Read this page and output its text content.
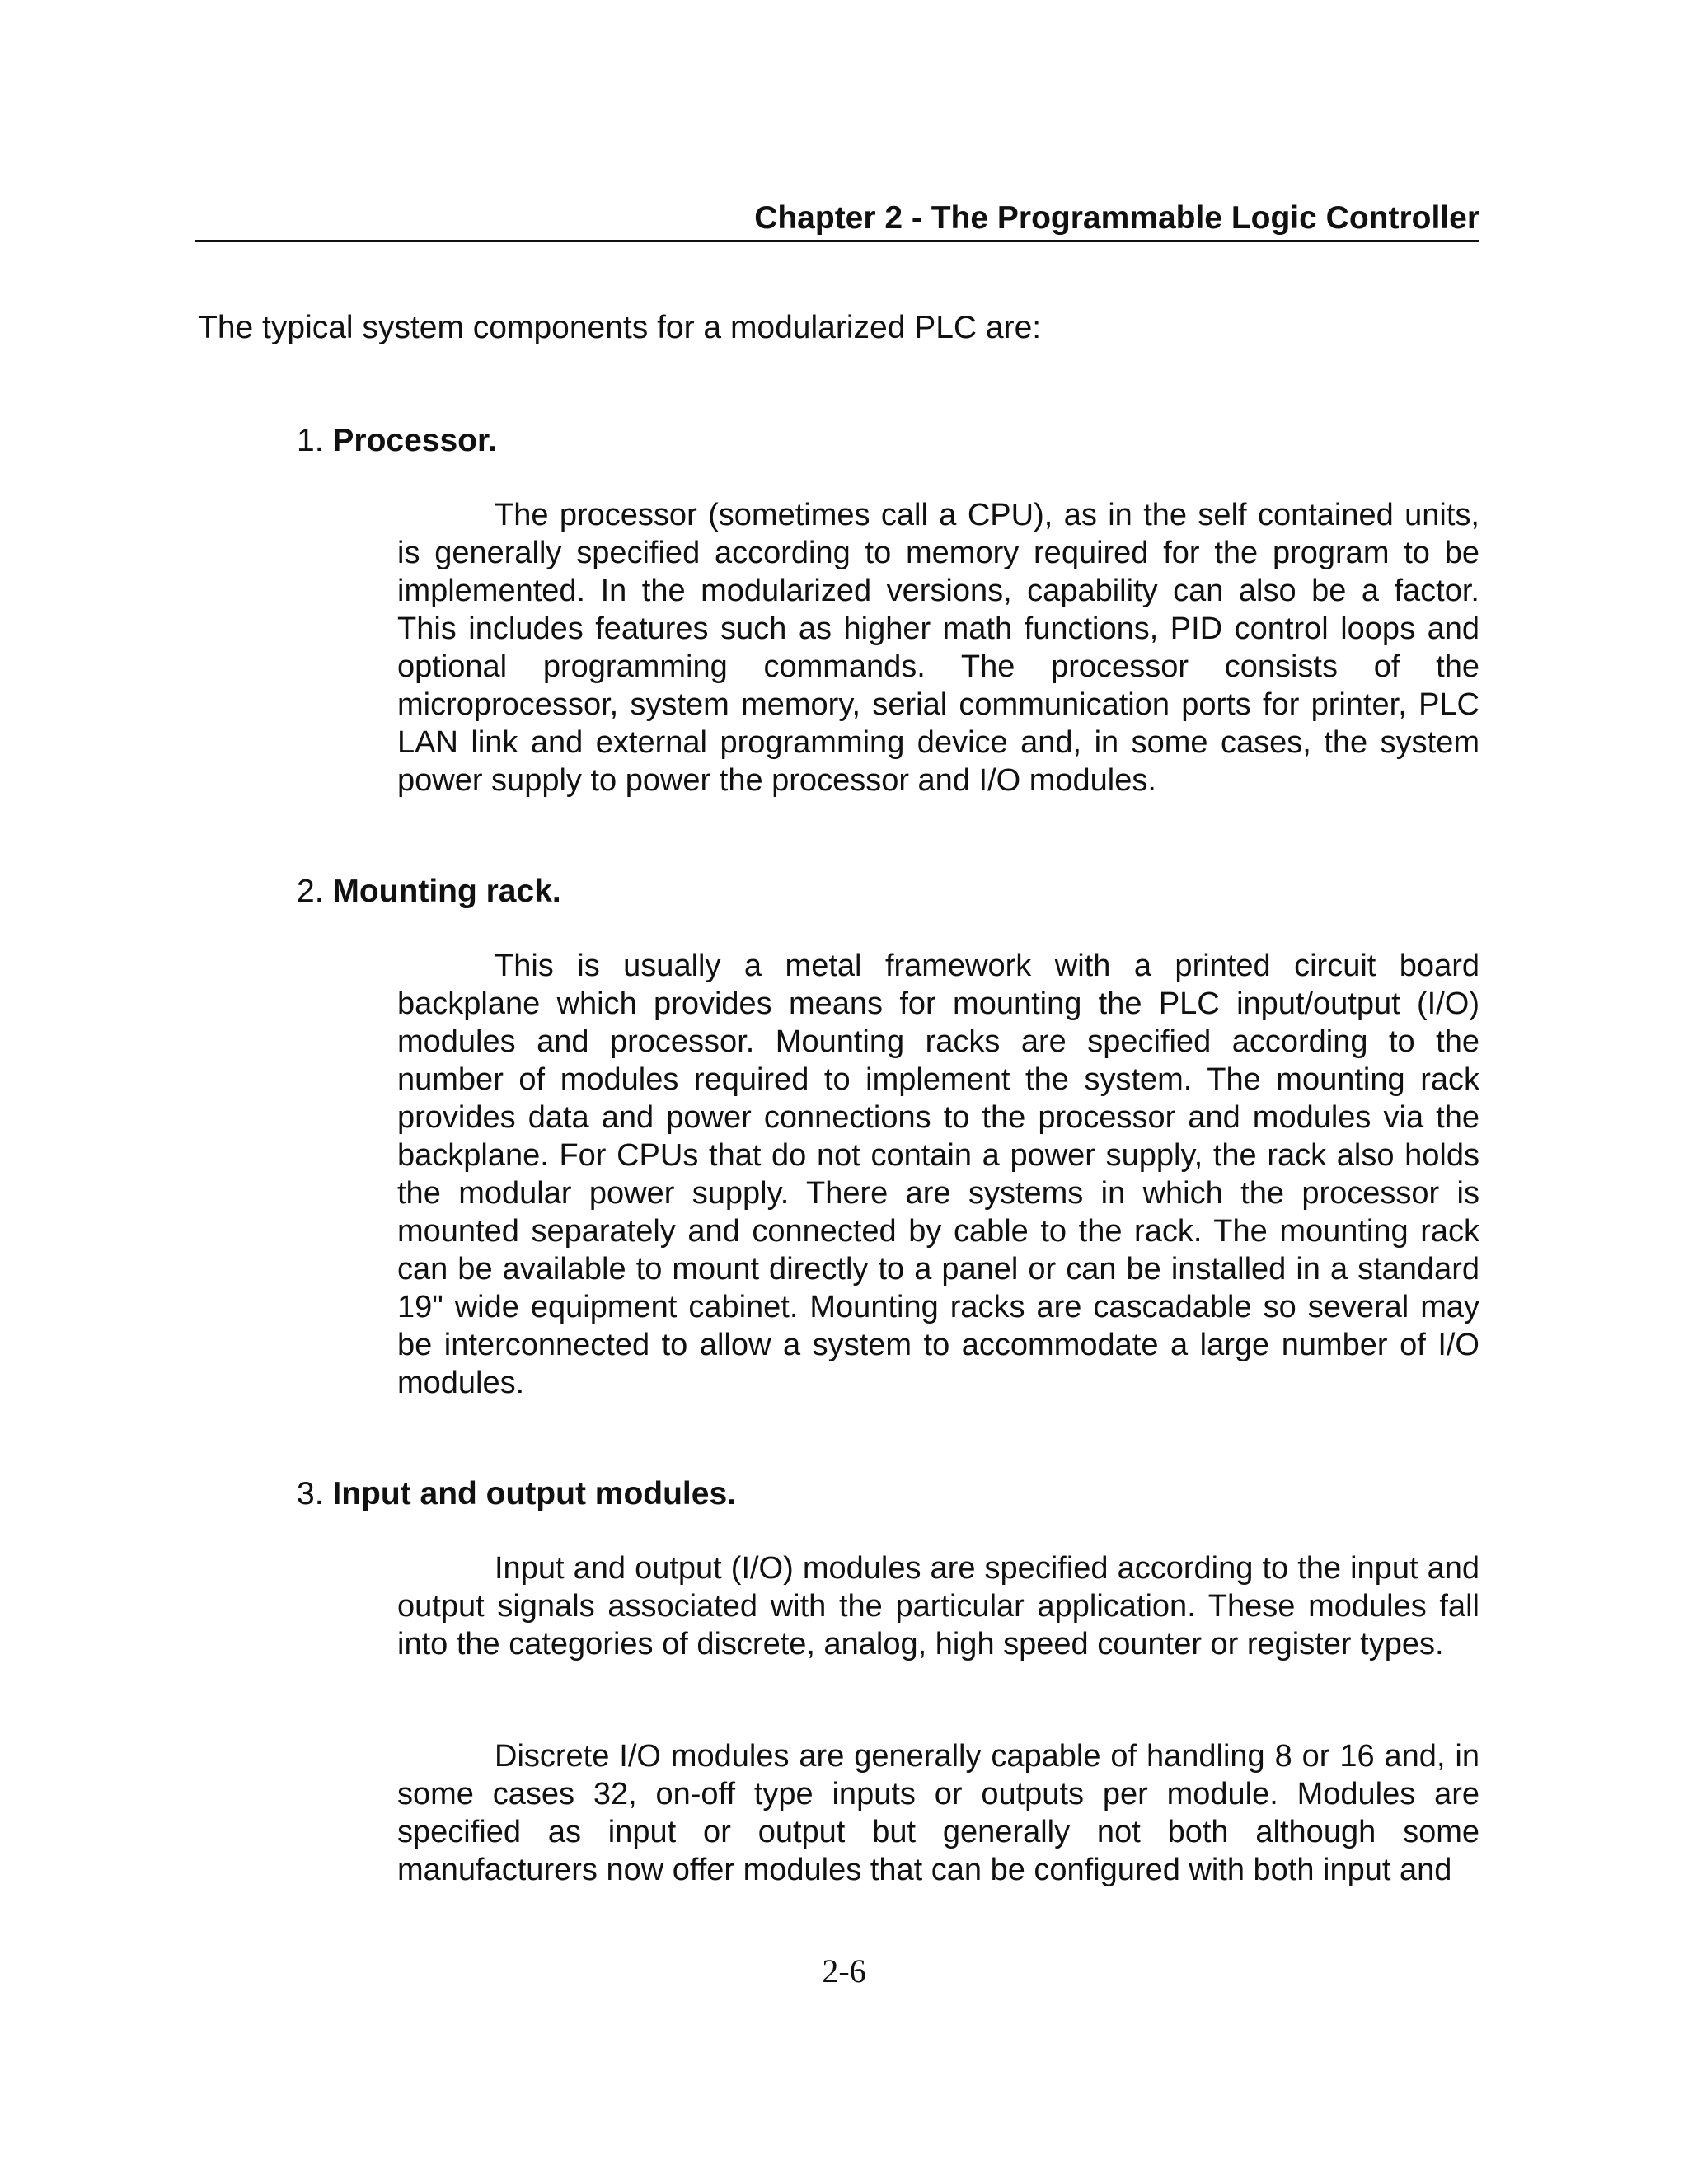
Chapter 2 - The Programmable Logic Controller
The typical system components for a modularized PLC are:
1. Processor.

The processor (sometimes call a CPU), as in the self contained units, is generally specified according to memory required for the program to be implemented. In the modularized versions, capability can also be a factor. This includes features such as higher math functions, PID control loops and optional programming commands. The processor consists of the microprocessor, system memory, serial communication ports for printer, PLC LAN link and external programming device and, in some cases, the system power supply to power the processor and I/O modules.

2. Mounting rack.

This is usually a metal framework with a printed circuit board backplane which provides means for mounting the PLC input/output (I/O) modules and processor. Mounting racks are specified according to the number of modules required to implement the system. The mounting rack provides data and power connections to the processor and modules via the backplane. For CPUs that do not contain a power supply, the rack also holds the modular power supply. There are systems in which the processor is mounted separately and connected by cable to the rack. The mounting rack can be available to mount directly to a panel or can be installed in a standard 19" wide equipment cabinet. Mounting racks are cascadable so several may be interconnected to allow a system to accommodate a large number of I/O modules.

3. Input and output modules.

Input and output (I/O) modules are specified according to the input and output signals associated with the particular application. These modules fall into the categories of discrete, analog, high speed counter or register types.

Discrete I/O modules are generally capable of handling 8 or 16 and, in some cases 32, on-off type inputs or outputs per module. Modules are specified as input or output but generally not both although some manufacturers now offer modules that can be configured with both input and

2-6
